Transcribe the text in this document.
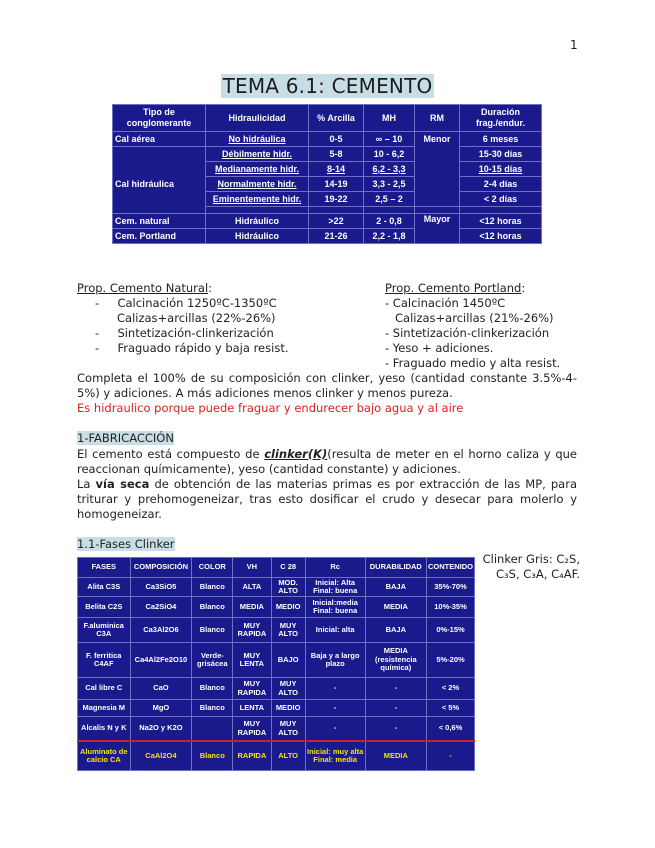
1
TEMA 6.1: CEMENTO
Tipo de conglomerante	Hidraulicidad	% Arcilla	MH	RM	Duración frag./endur.
Cal aérea	No hidráulica	0-5	∞ – 10	Menor	6 meses
	Débilmente hidr.	5-8	10 - 6,2		15-30 días
	Medianamente hidr.	8-14	6,2 - 3,3		10-15 días
Cal hidráulica	Normalmente hidr.	14-19	3,3 - 2,5		2-4 días
	Eminentemente hidr.	19-22	2,5 – 2		< 2 días

Cem. natural	Hidráulico	>22	2 - 0,8	Mayor	<12 horas
Cem. Portland	Hidráulico	21-26	2,2 - 1,8		<12 horas
Prop. Cemento Natural:
-     Calcinación 1250ºC-1350ºC
Calizas+arcillas (22%-26%)
-     Sintetización-clinkerización
-     Fraguado rápido y baja resist.
Prop. Cemento Portland:
- Calcinación 1450ºC
Calizas+arcillas (21%-26%)
- Sintetización-clinkerización
- Yeso + adiciones.
- Fraguado medio y alta resist.
Completa el 100% de su composición con clinker, yeso (cantidad constante 3.5%-4-5%) y adiciones. A más adiciones menos clinker y menos pureza.
Es hidraulico porque puede fraguar y endurecer bajo agua y al aire
1-FABRICACCIÓN
El cemento está compuesto de clinker(K)(resulta de meter en el horno caliza y que reaccionan químicamente), yeso (cantidad constante) y adiciones.
La vía seca de obtención de las materias primas es por extracción de las MP, para triturar y prehomogeneizar, tras esto dosificar el crudo y desecar para molerlo y homogeneizar.
1.1-Fases Clinker
Clinker Gris: C₂S, C₃S, C₃A, C₄AF.
FASES	COMPOSICIÓN	COLOR	VH	C 28	Rc	DURABILIDAD	CONTENIDO
Alita C3S	Ca3SiO5	Blanco	ALTA	MOD. ALTO	Inicial: Alta Final: buena	BAJA	35%-70%
Belita C2S	Ca2SiO4	Blanco	MEDIA	MEDIO	Inicial:media Final: buena	MEDIA	10%-35%
F.aluminica C3A	Ca3Al2O6	Blanco	MUY RAPIDA	MUY ALTO	Inicial: alta	BAJA	0%-15%
F. ferritica C4AF	Ca4Al2Fe2O10	Verde-grisácea	MUY LENTA	BAJO	Baja y a largo plazo	MEDIA (resistencia química)	5%-20%
Cal libre C	CaO	Blanco	MUY RAPIDA	MUY ALTO	-	-	< 2%
Magnesia M	MgO	Blanco	LENTA	MEDIO	-	-	< 5%
Alcalis N y K	Na2O y K2O		MUY RAPIDA	MUY ALTO	-	-	< 0,6%
Aluminato de calcio CA	CaAl2O4	Blanco	RAPIDA	ALTO	Inicial: muy alta Final: media	MEDIA	-
